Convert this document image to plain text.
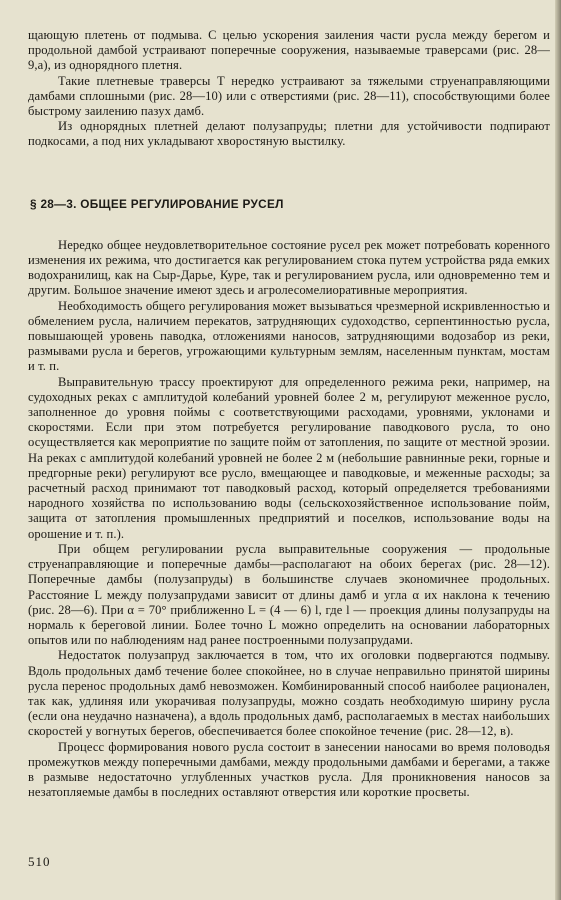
щающую плетень от подмыва. С целью ускорения заиления части русла между берегом и продольной дамбой устраивают поперечные сооружения, называемые траверсами (рис. 28—9,а), из однорядного плетня.

Такие плетневые траверсы Т нередко устраивают за тяжелыми струенаправляющими дамбами сплошными (рис. 28—10) или с отверстиями (рис. 28—11), способствующими более быстрому заилению пазух дамб.

Из однорядных плетней делают полузапруды; плетни для устойчивости подпирают подкосами, а под них укладывают хворостяную выстилку.

§ 28—3. ОБЩЕЕ РЕГУЛИРОВАНИЕ РУСЕЛ

Нередко общее неудовлетворительное состояние русел рек может потребовать коренного изменения их режима, что достигается как регулированием стока путем устройства ряда емких водохранилищ, как на Сыр-Дарье, Куре, так и регулированием русла, или одновременно тем и другим. Большое значение имеют здесь и агролесомелиоративные мероприятия.

Необходимость общего регулирования может вызываться чрезмерной искривленностью и обмелением русла, наличием перекатов, затрудняющих судоходство, серпентинностью русла, повышающей уровень паводка, отложениями наносов, затрудняющими водозабор из реки, размывами русла и берегов, угрожающими культурным землям, населенным пунктам, мостам и т. п.

Выправительную трассу проектируют для определенного режима реки, например, на судоходных реках с амплитудой колебаний уровней более 2 м, регулируют меженное русло, заполненное до уровня поймы с соответствующими расходами, уровнями, уклонами и скоростями. Если при этом потребуется регулирование паводкового русла, то оно осуществляется как мероприятие по защите пойм от затопления, по защите от местной эрозии. На реках с амплитудой колебаний уровней не более 2 м (небольшие равнинные реки, горные и предгорные реки) регулируют все русло, вмещающее и паводковые, и меженные расходы; за расчетный расход принимают тот паводковый расход, который определяется требованиями народного хозяйства по использованию воды (сельскохозяйственное использование пойм, защита от затопления промышленных предприятий и поселков, использование воды на орошение и т. п.).

При общем регулировании русла выправительные сооружения — продольные струенаправляющие и поперечные дамбы—располагают на обоих берегах (рис. 28—12). Поперечные дамбы (полузапруды) в большинстве случаев экономичнее продольных. Расстояние L между полузапрудами зависит от длины дамб и угла α их наклона к течению (рис. 28—6). При α = 70° приближенно L = (4 — 6) l, где l — проекция длины полузапруды на нормаль к береговой линии. Более точно L можно определить на основании лабораторных опытов или по наблюдениям над ранее построенными полузапрудами.

Недостаток полузапруд заключается в том, что их оголовки подвергаются подмыву. Вдоль продольных дамб течение более спокойнее, но в случае неправильно принятой ширины русла перенос продольных дамб невозможен. Комбинированный способ наиболее рационален, так как, удлиняя или укорачивая полузапруды, можно создать необходимую ширину русла (если она неудачно назначена), а вдоль продольных дамб, располагаемых в местах наибольших скоростей у вогнутых берегов, обеспечивается более спокойное течение (рис. 28—12, в).

Процесс формирования нового русла состоит в занесении наносами во время половодья промежутков между поперечными дамбами, между продольными дамбами и берегами, а также в размыве недостаточно углубленных участков русла. Для проникновения наносов за незатопляемые дамбы в последних оставляют отверстия или короткие просветы.

510
